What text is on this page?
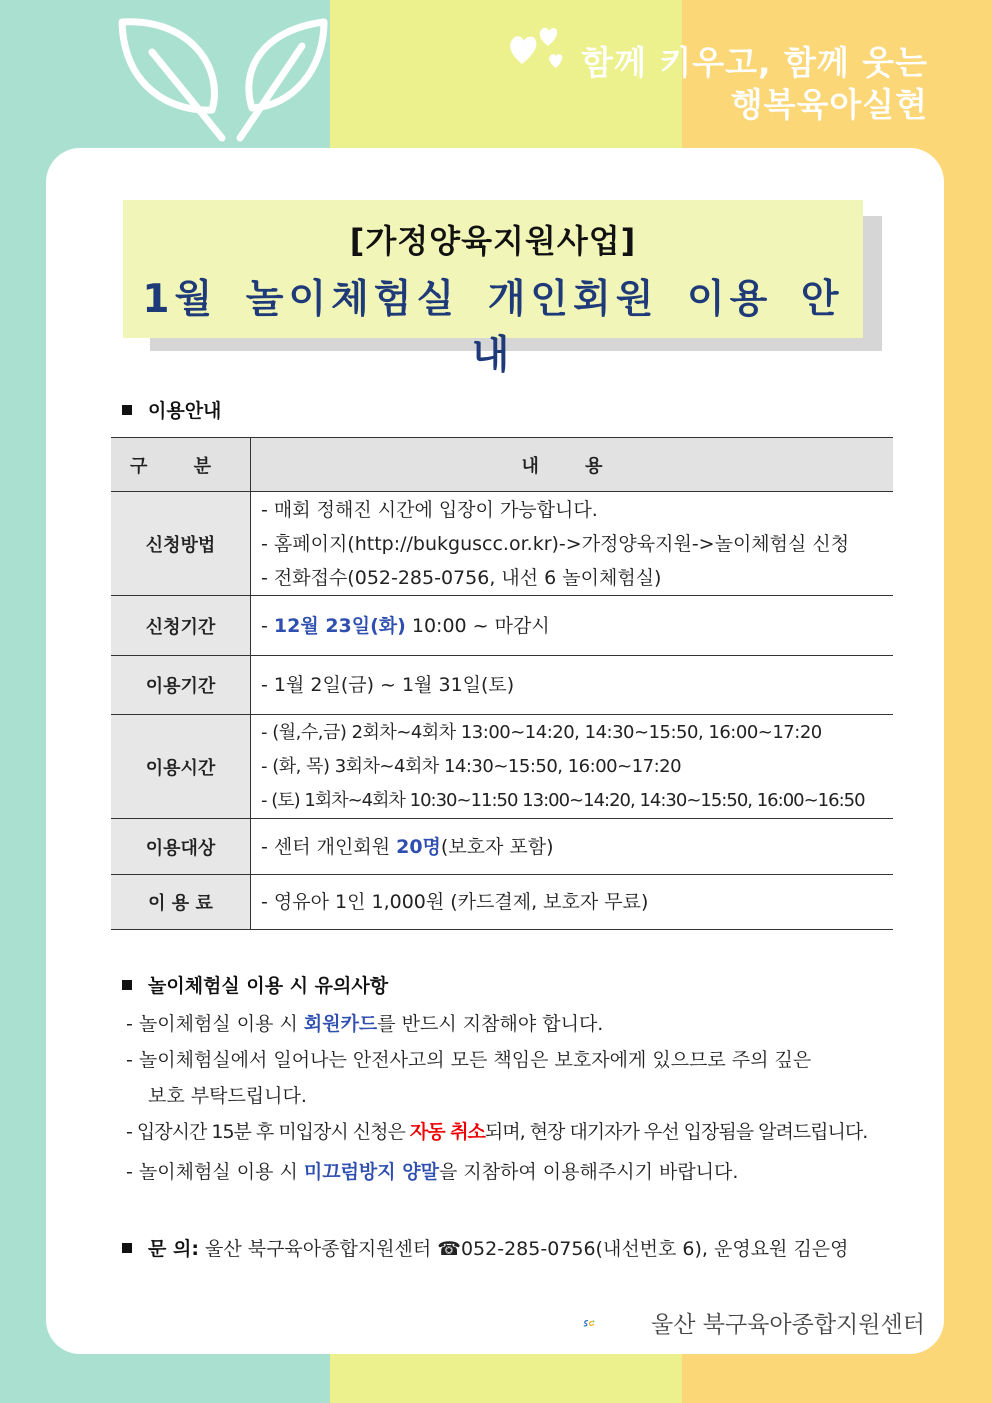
함께 키우고, 함께 웃는
행복육아실현
[가정양육지원사업]
1월 놀이체험실 개인회원 이용 안내
이용안내
구 분	내 용
신청방법	- 매회 정해진 시간에 입장이 가능합니다.
- 홈페이지(http://bukguscc.or.kr)->가정양육지원->놀이체험실 신청
- 전화접수(052-285-0756, 내선 6 놀이체험실)

신청기간	- 12월 23일(화) 10:00 ~ 마감시
이용기간	- 1월 2일(금) ~ 1월 31일(토)
이용시간	- (월,수,금) 2회차~4회차 13:00~14:20, 14:30~15:50, 16:00~17:20
- (화, 목) 3회차~4회차 14:30~15:50, 16:00~17:20
- (토) 1회차~4회차 10:30~11:50 13:00~14:20, 14:30~15:50, 16:00~16:50

이용대상	- 센터 개인회원 20명(보호자 포함)
이 용 료	- 영유아 1인 1,000원 (카드결제, 보호자 무료)
놀이체험실 이용 시 유의사항
- 놀이체험실 이용 시 회원카드를 반드시 지참해야 합니다.
- 놀이체험실에서 일어나는 안전사고의 모든 책임은 보호자에게 있으므로 주의 깊은
보호 부탁드립니다.
- 입장시간 15분 후 미입장시 신청은 자동 취소되며, 현장 대기자가 우선 입장됨을 알려드립니다.
- 놀이체험실 이용 시 미끄럼방지 양말을 지참하여 이용해주시기 바랍니다.
문 의: 울산 북구육아종합지원센터 ☎052-285-0756(내선번호 6), 운영요원 김은영
울산 북구육아종합지원센터
